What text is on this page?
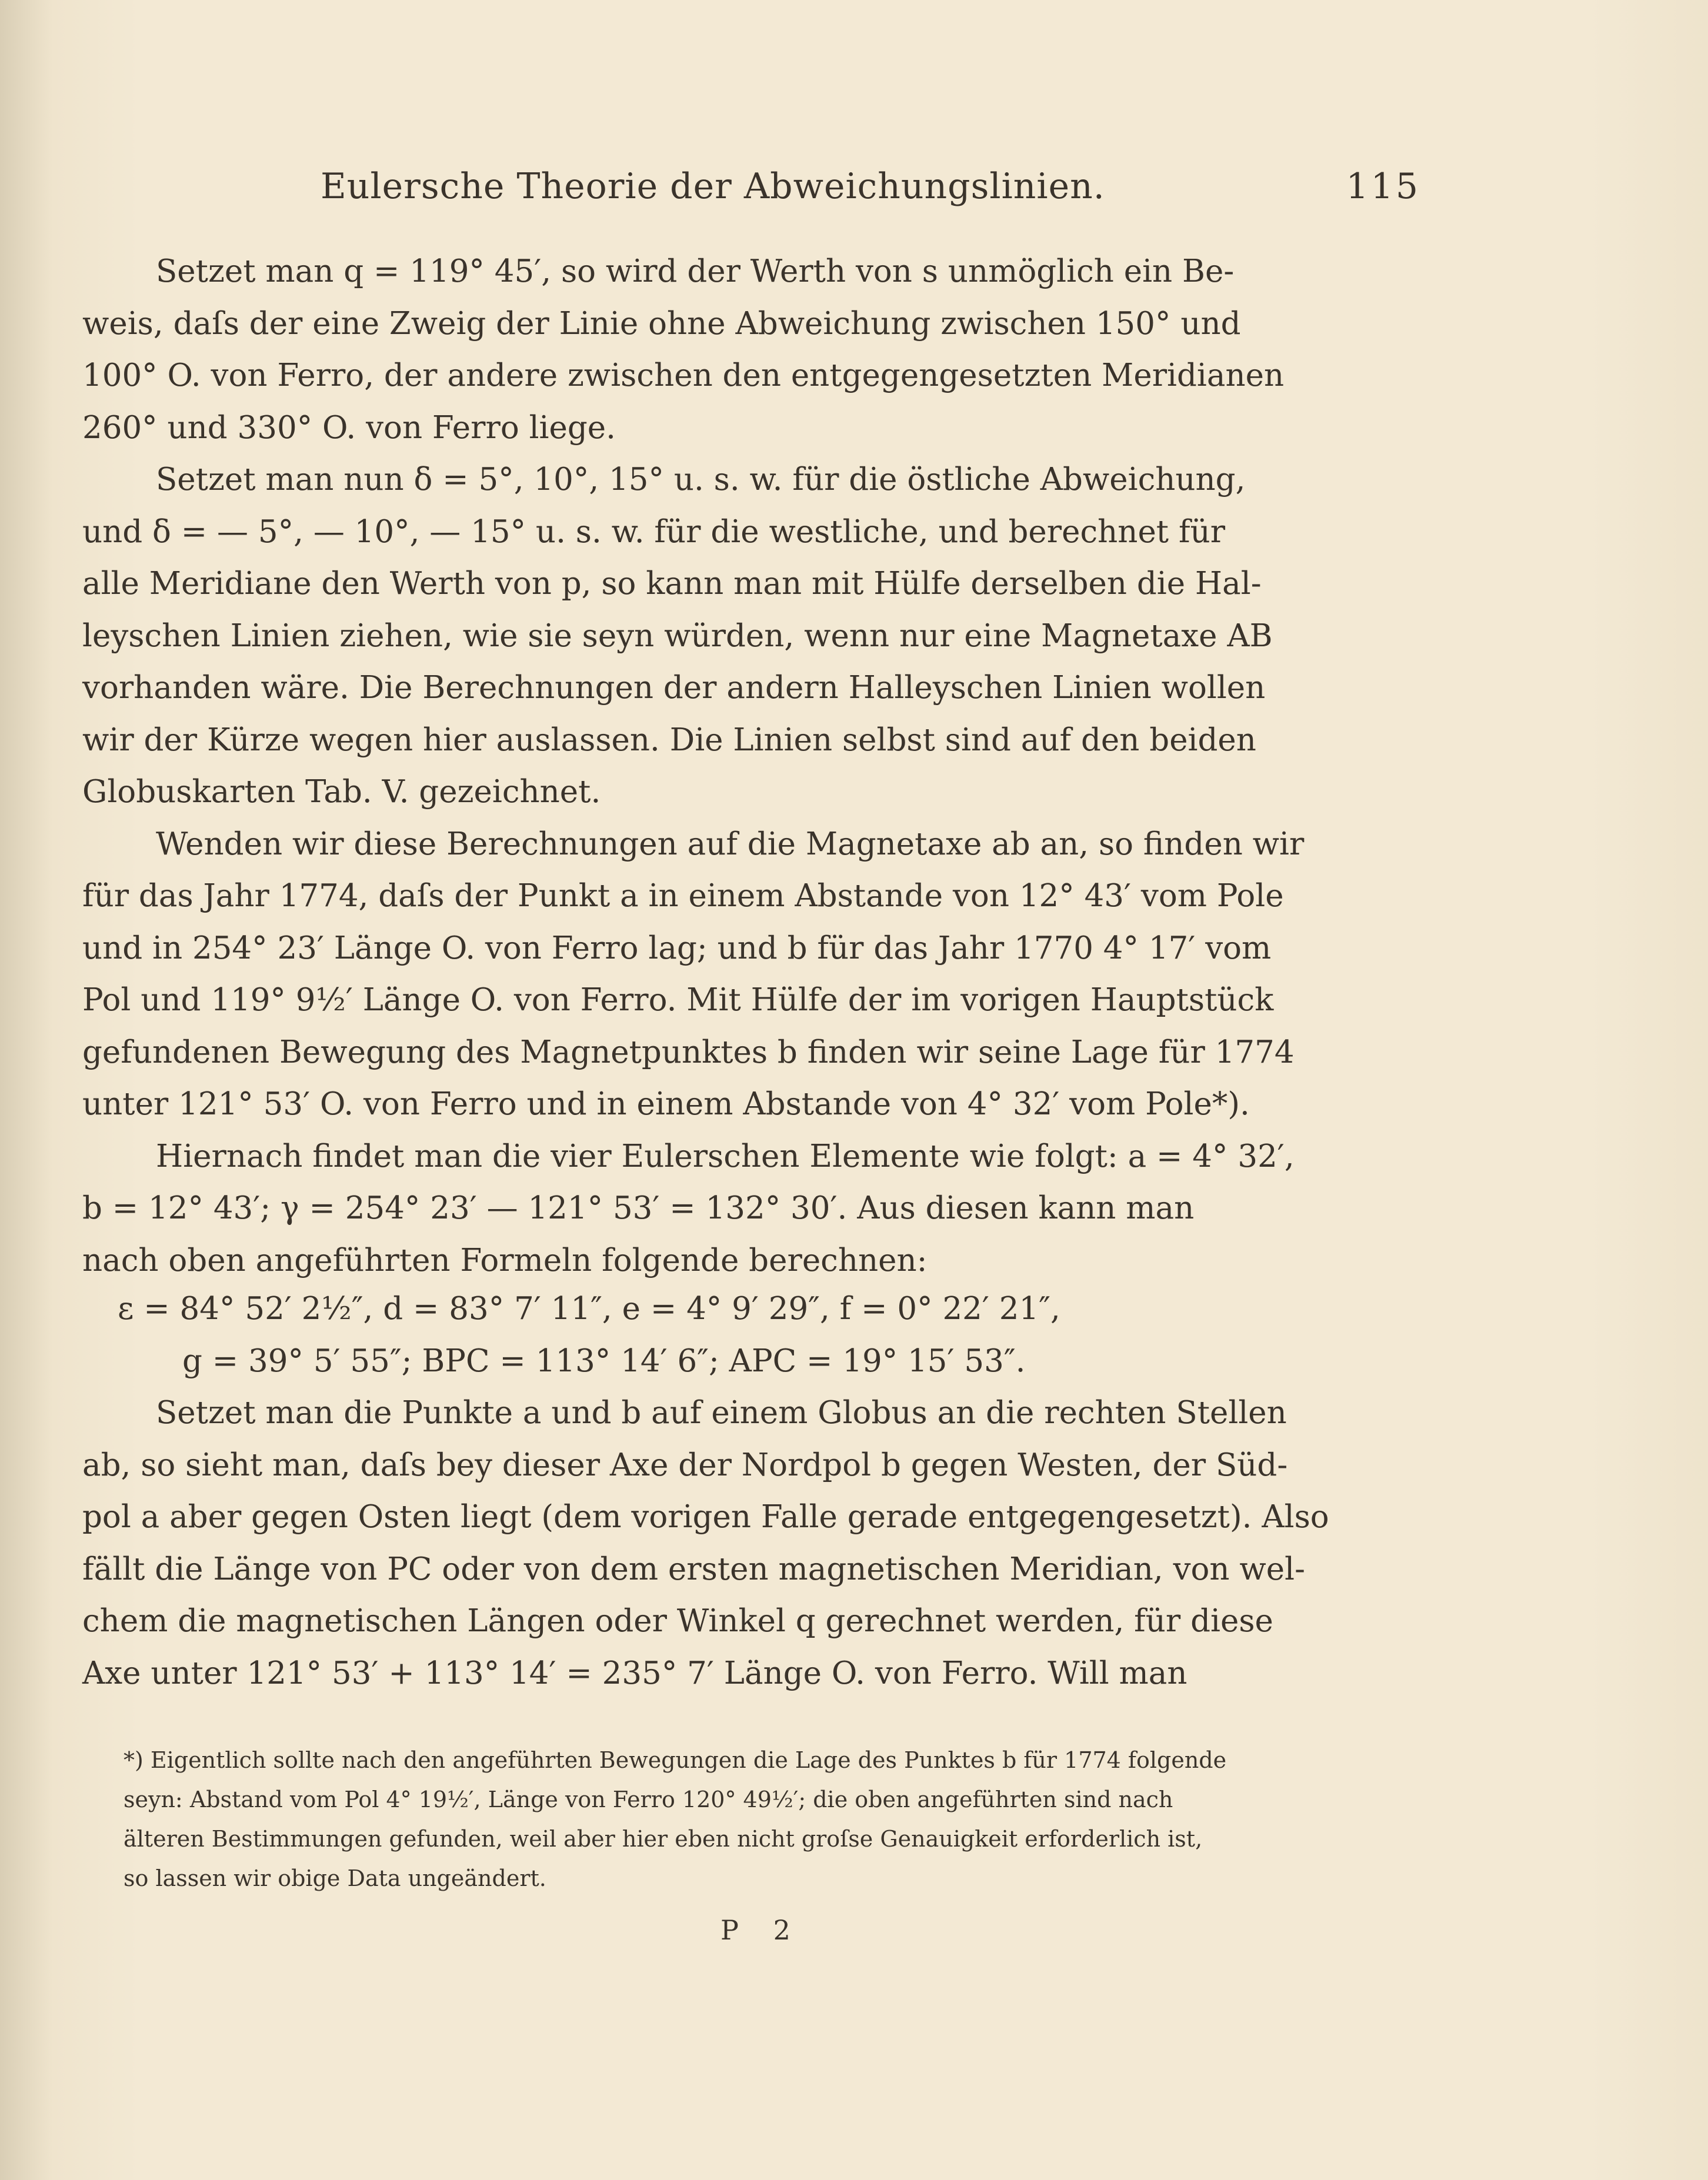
Eulersche Theorie der Abweichungslinien.	115

Setzet man q = 119° 45′, so wird der Werth von s unmöglich ein Be-
weis, daſs der eine Zweig der Linie ohne Abweichung zwischen 150° und
100° O. von Ferro, der andere zwischen den entgegengesetzten Meridianen
260° und 330° O. von Ferro liege.

Setzet man nun δ = 5°, 10°, 15° u. s. w. für die östliche Abweichung,
und δ = — 5°, — 10°, — 15° u. s. w. für die westliche, und berechnet für
alle Meridiane den Werth von p, so kann man mit Hülfe derselben die Hal-
leyschen Linien ziehen, wie sie seyn würden, wenn nur eine Magnetaxe AB
vorhanden wäre. Die Berechnungen der andern Halleyschen Linien wollen
wir der Kürze wegen hier auslassen. Die Linien selbst sind auf den beiden
Globuskarten Tab. V. gezeichnet.

Wenden wir diese Berechnungen auf die Magnetaxe ab an, so finden wir
für das Jahr 1774, daſs der Punkt a in einem Abstande von 12° 43′ vom Pole
und in 254° 23′ Länge O. von Ferro lag; und b für das Jahr 1770 4° 17′ vom
Pol und 119° 9½′ Länge O. von Ferro. Mit Hülfe der im vorigen Hauptstück
gefundenen Bewegung des Magnetpunktes b finden wir seine Lage für 1774
unter 121° 53′ O. von Ferro und in einem Abstande von 4° 32′ vom Pole*).

Hiernach findet man die vier Eulerschen Elemente wie folgt: a = 4° 32′,
b = 12° 43′; γ = 254° 23′ — 121° 53′ = 132° 30′. Aus diesen kann man
nach oben angeführten Formeln folgende berechnen:

ε = 84° 52′ 2½″, d = 83° 7′ 11″, e = 4° 9′ 29″, f = 0° 22′ 21″,
g = 39° 5′ 55″; BPC = 113° 14′ 6″; APC = 19° 15′ 53″.

Setzet man die Punkte a und b auf einem Globus an die rechten Stellen
ab, so sieht man, daſs bey dieser Axe der Nordpol b gegen Westen, der Süd-
pol a aber gegen Osten liegt (dem vorigen Falle gerade entgegengesetzt). Also
fällt die Länge von PC oder von dem ersten magnetischen Meridian, von wel-
chem die magnetischen Längen oder Winkel q gerechnet werden, für diese
Axe unter 121° 53′ + 113° 14′ = 235° 7′ Länge O. von Ferro. Will man

*) Eigentlich sollte nach den angeführten Bewegungen die Lage des Punktes b für 1774 folgende
seyn: Abstand vom Pol 4° 19½′, Länge von Ferro 120° 49½′; die oben angeführten sind nach
älteren Bestimmungen gefunden, weil aber hier eben nicht groſse Genauigkeit erforderlich ist,
so lassen wir obige Data ungeändert.
P 2
